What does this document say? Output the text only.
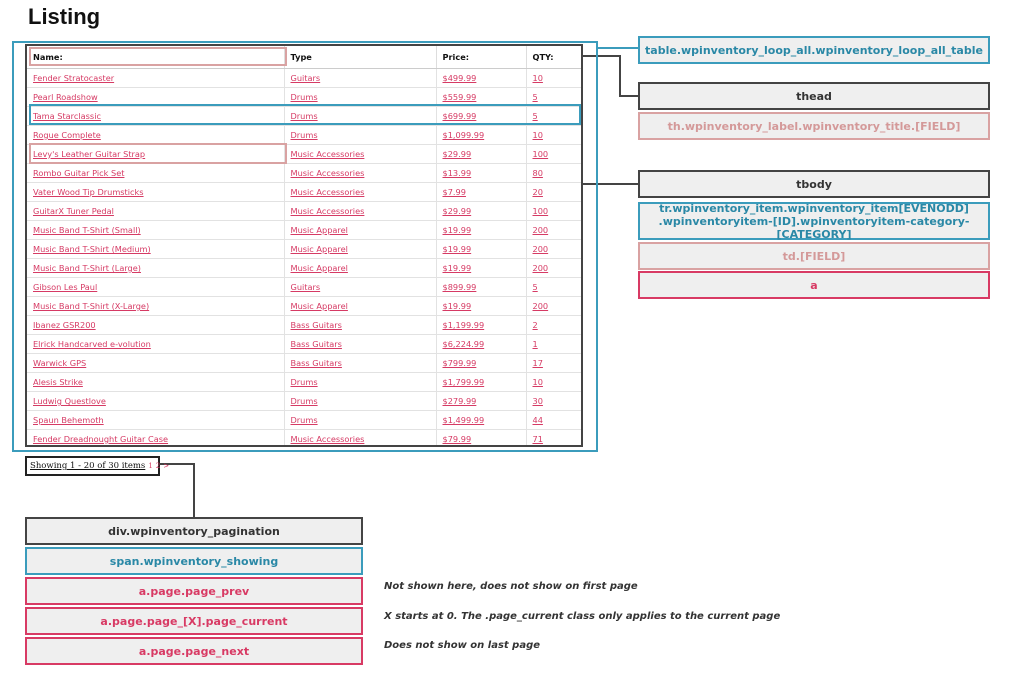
Listing
Name:	Type	Price:	QTY:
Fender Stratocaster	Guitars	$499.99	10
Pearl Roadshow	Drums	$559.99	5
Tama Starclassic	Drums	$699.99	5
Rogue Complete	Drums	$1,099.99	10
Levy's Leather Guitar Strap	Music Accessories	$29.99	100
Rombo Guitar Pick Set	Music Accessories	$13.99	80
Vater Wood Tip Drumsticks	Music Accessories	$7.99	20
GuitarX Tuner Pedal	Music Accessories	$29.99	100
Music Band T-Shirt (Small)	Music Apparel	$19.99	200
Music Band T-Shirt (Medium)	Music Apparel	$19.99	200
Music Band T-Shirt (Large)	Music Apparel	$19.99	200
Gibson Les Paul	Guitars	$899.99	5
Music Band T-Shirt (X-Large)	Music Apparel	$19.99	200
Ibanez GSR200	Bass Guitars	$1,199.99	2
Elrick Handcarved e-volution	Bass Guitars	$6,224.99	1
Warwick GPS	Bass Guitars	$799.99	17
Alesis Strike	Drums	$1,799.99	10
Ludwig Questlove	Drums	$279.99	30
Spaun Behemoth	Drums	$1,499.99	44
Fender Dreadnought Guitar Case	Music Accessories	$79.99	71
Showing 1 - 20 of 30 items 1 2 >
table.wpinventory_loop_all.wpinventory_loop_all_table
thead
th.wpinventory_label.wpinventory_title.[FIELD]
tbody
tr.wpinventory_item.wpinventory_item[EVENODD]
.wpinventoryitem-[ID].wpinventoryitem-category-[CATEGORY]
td.[FIELD]
a
div.wpinventory_pagination
span.wpinventory_showing
a.page.page_prev
a.page.page_[X].page_current
a.page.page_next
Not shown here, does not show on first page
X starts at 0. The .page_current class only applies to the current page
Does not show on last page
